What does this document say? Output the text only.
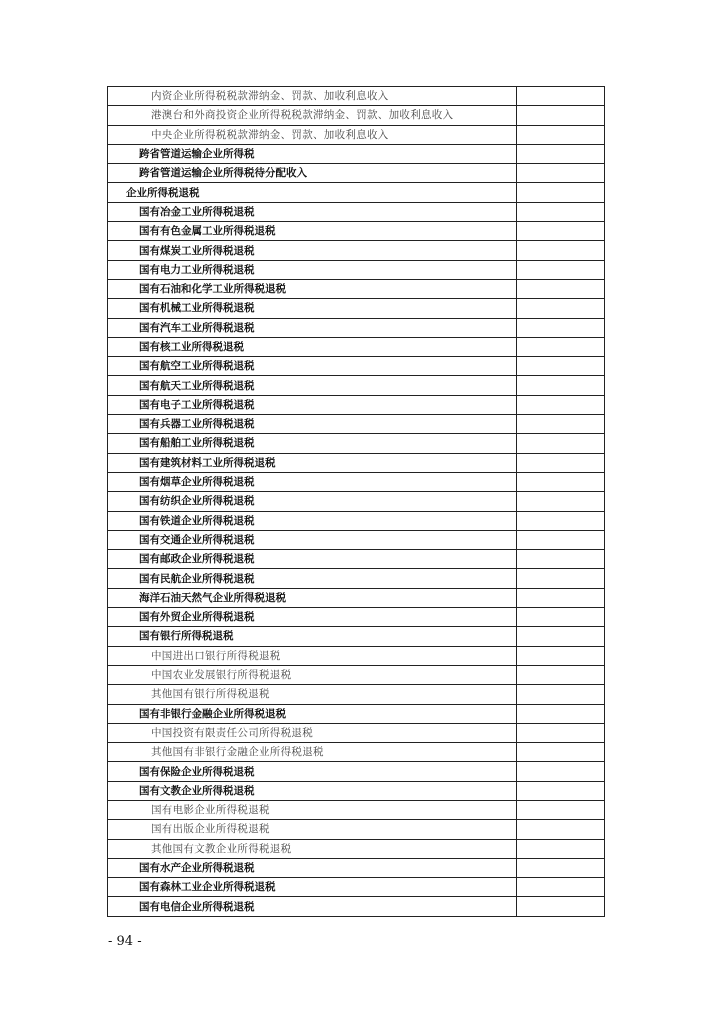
内资企业所得税税款滞纳金、罚款、加收利息收入	
港澳台和外商投资企业所得税税款滞纳金、罚款、加收利息收入	
中央企业所得税税款滞纳金、罚款、加收利息收入	
跨省管道运输企业所得税	
跨省管道运输企业所得税待分配收入	
企业所得税退税	
国有冶金工业所得税退税	
国有有色金属工业所得税退税	
国有煤炭工业所得税退税	
国有电力工业所得税退税	
国有石油和化学工业所得税退税	
国有机械工业所得税退税	
国有汽车工业所得税退税	
国有核工业所得税退税	
国有航空工业所得税退税	
国有航天工业所得税退税	
国有电子工业所得税退税	
国有兵器工业所得税退税	
国有船舶工业所得税退税	
国有建筑材料工业所得税退税	
国有烟草企业所得税退税	
国有纺织企业所得税退税	
国有铁道企业所得税退税	
国有交通企业所得税退税	
国有邮政企业所得税退税	
国有民航企业所得税退税	
海洋石油天然气企业所得税退税	
国有外贸企业所得税退税	
国有银行所得税退税	
中国进出口银行所得税退税	
中国农业发展银行所得税退税	
其他国有银行所得税退税	
国有非银行金融企业所得税退税	
中国投资有限责任公司所得税退税	
其他国有非银行金融企业所得税退税	
国有保险企业所得税退税	
国有文教企业所得税退税	
国有电影企业所得税退税	
国有出版企业所得税退税	
其他国有文教企业所得税退税	
国有水产企业所得税退税	
国有森林工业企业所得税退税	
国有电信企业所得税退税	
- 94 -
